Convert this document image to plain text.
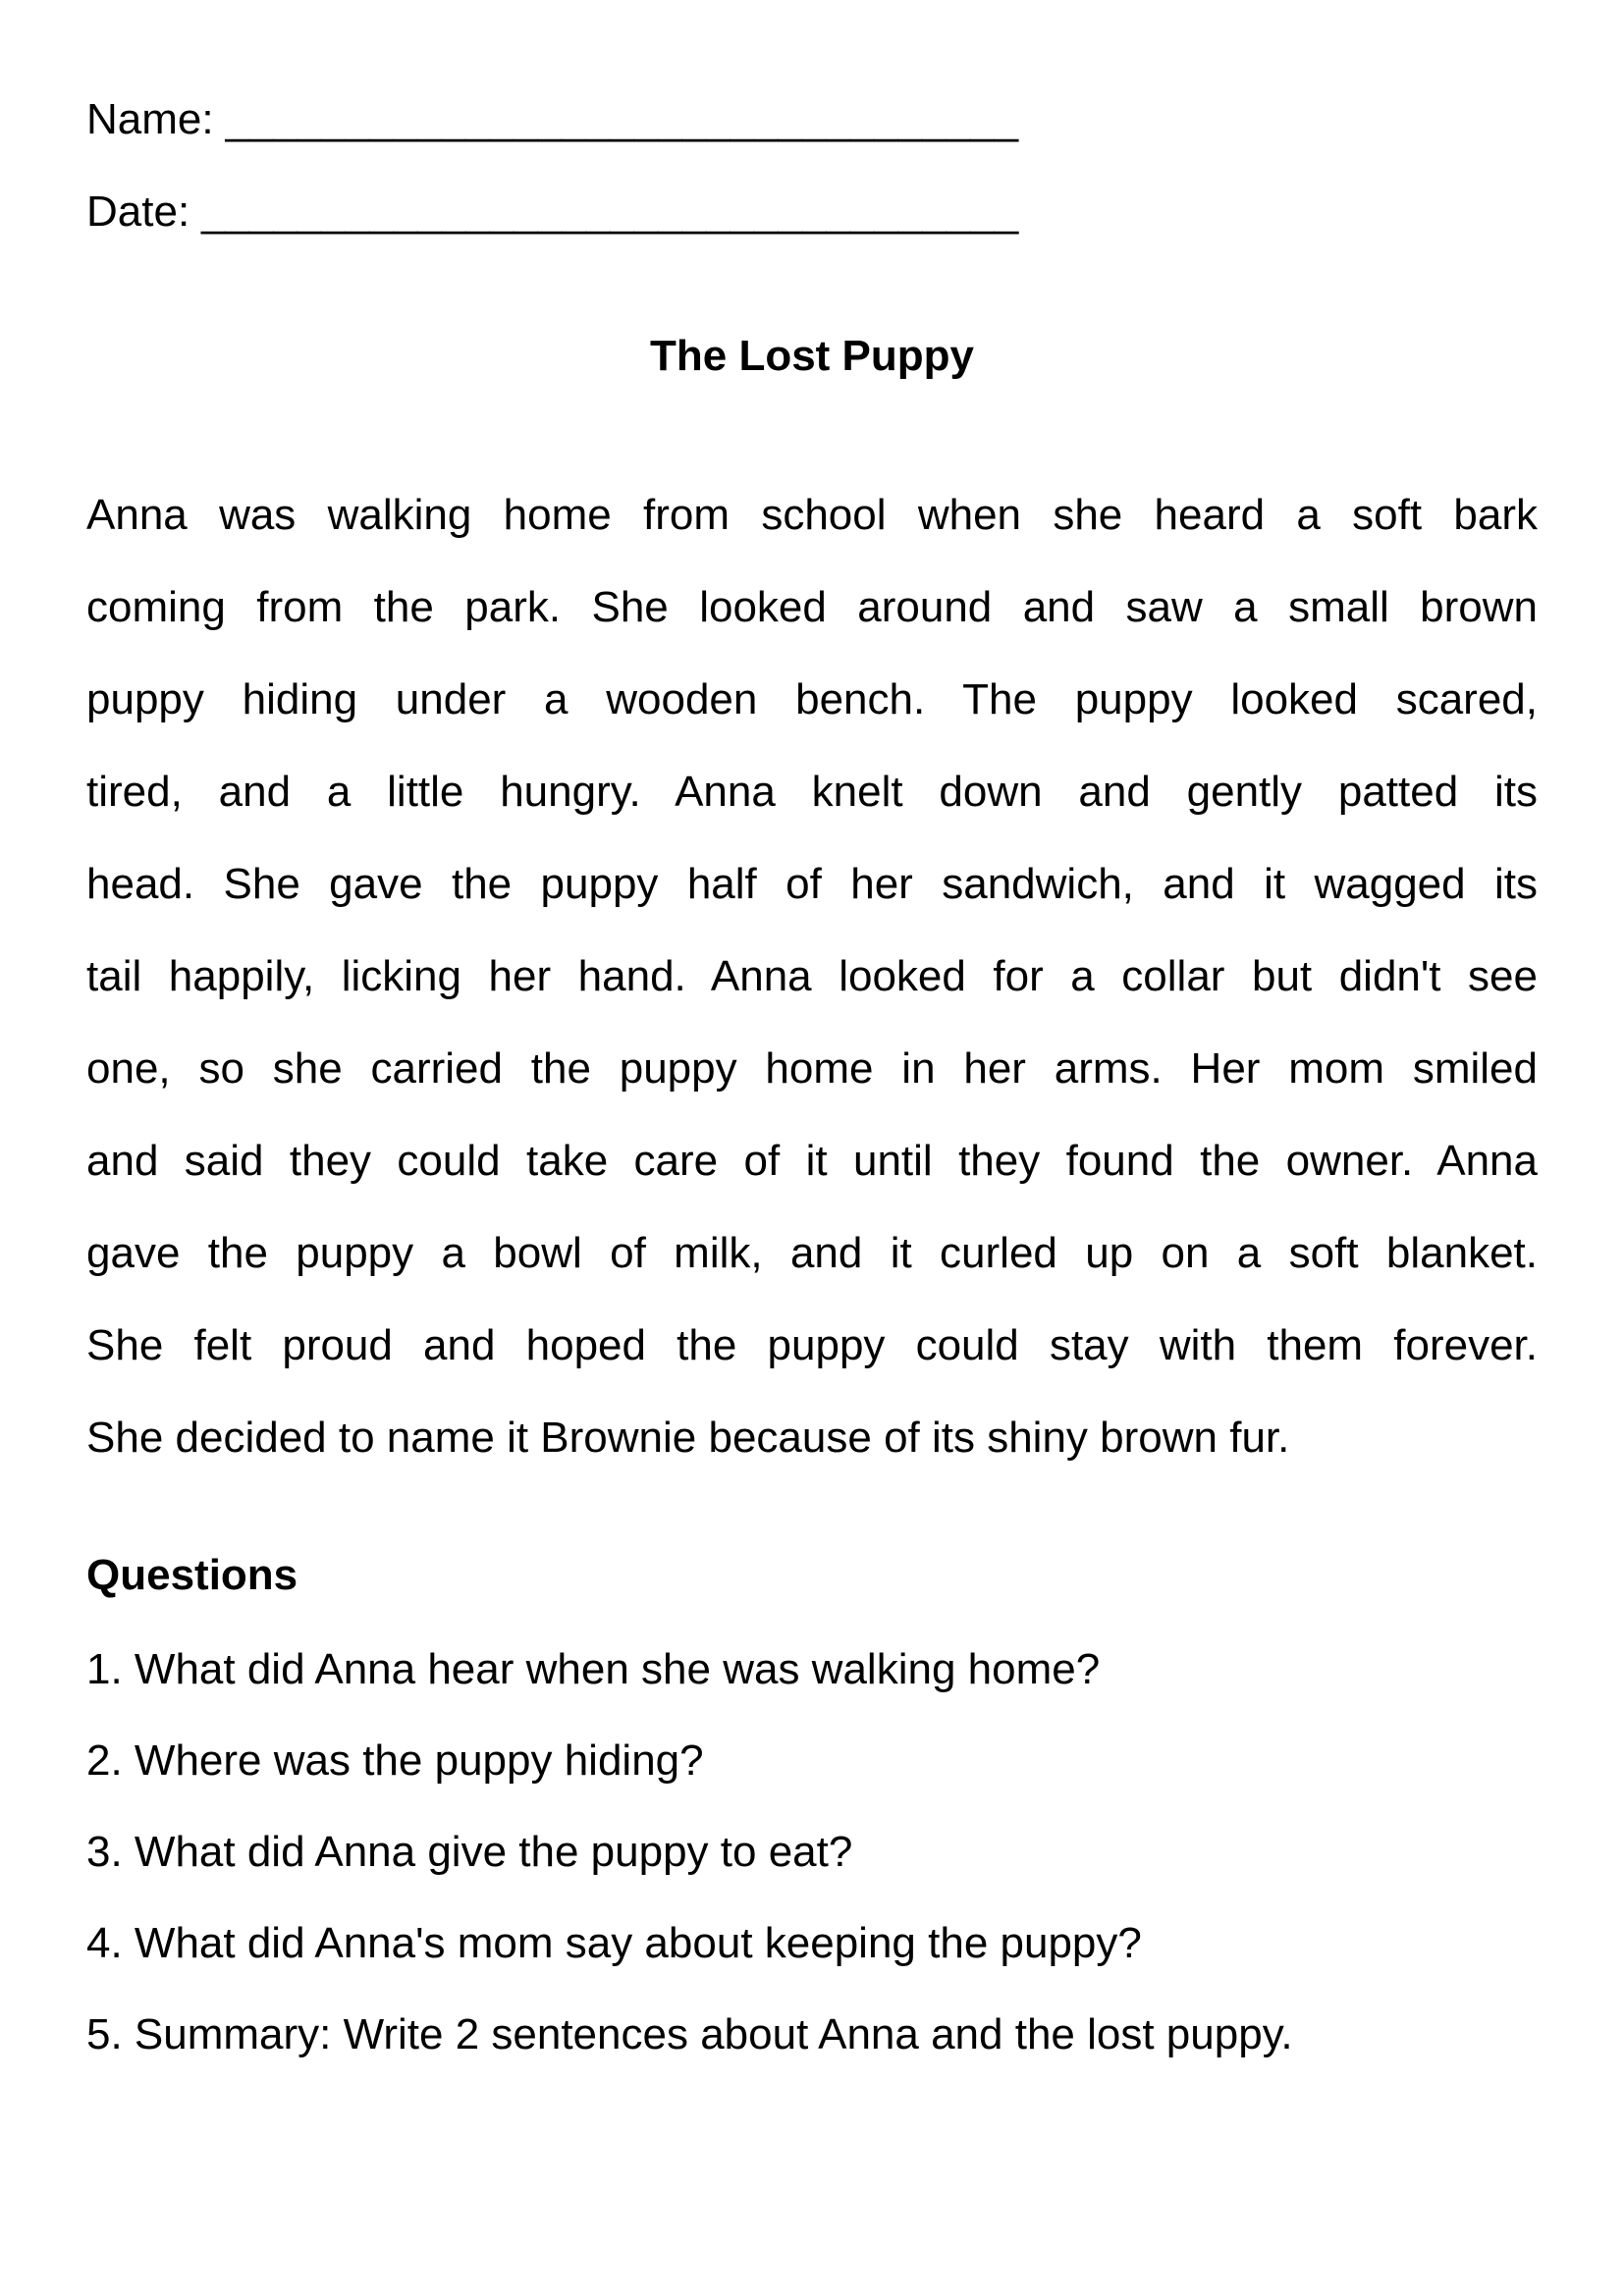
Name: _________________________________
Date: __________________________________
The Lost Puppy
Anna was walking home from school when she heard a soft bark
coming from the park. She looked around and saw a small brown
puppy hiding under a wooden bench. The puppy looked scared,
tired, and a little hungry. Anna knelt down and gently patted its
head. She gave the puppy half of her sandwich, and it wagged its
tail happily, licking her hand. Anna looked for a collar but didn't see
one, so she carried the puppy home in her arms. Her mom smiled
and said they could take care of it until they found the owner. Anna
gave the puppy a bowl of milk, and it curled up on a soft blanket.
She felt proud and hoped the puppy could stay with them forever.
She decided to name it Brownie because of its shiny brown fur.
Questions
1. What did Anna hear when she was walking home?
2. Where was the puppy hiding?
3. What did Anna give the puppy to eat?
4. What did Anna's mom say about keeping the puppy?
5. Summary: Write 2 sentences about Anna and the lost puppy.
